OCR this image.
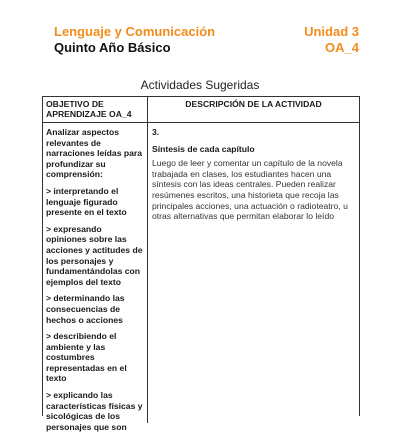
Lenguaje y Comunicación	Unidad 3
Quinto Año Básico	OA_4
Actividades Sugeridas
OBJETIVO DE APRENDIZAJE OA_4
DESCRIPCIÓN DE LA ACTIVIDAD

Analizar aspectos relevantes de narraciones leídas para profundizar su comprensión:

> interpretando el lenguaje figurado presente en el texto

> expresando opiniones sobre las acciones y actitudes de los personajes y fundamentándolas con ejemplos del texto

> determinando las consecuencias de hechos o acciones

> describiendo el ambiente y las costumbres representadas en el texto

> explicando las características físicas y sicológicas de los personajes que son

3.

Síntesis de cada capítulo

Luego de leer y comentar un capítulo de la novela trabajada en clases, los estudiantes hacen una síntesis con las ideas centrales. Pueden realizar resúmenes escritos, una historieta que recoja las principales acciones, una actuación o radioteatro, u otras alternativas que permitan elaborar lo leído
